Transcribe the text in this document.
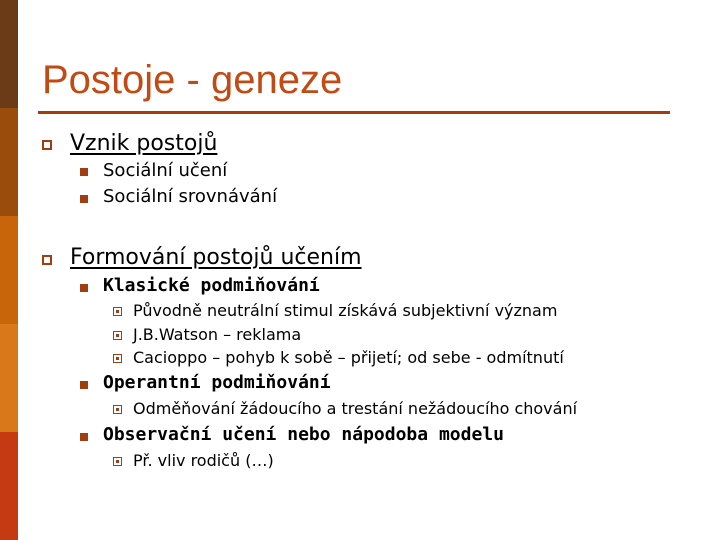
Postoje - geneze
Vznik postojů
Sociální učení
Sociální srovnávání
Formování postojů učením
Klasické podmiňování
Původně neutrální stimul získává subjektivní význam
J.B.Watson – reklama
Cacioppo – pohyb k sobě – přijetí; od sebe - odmítnutí
Operantní podmiňování
Odměňování žádoucího a trestání nežádoucího chování
Observační učení nebo nápodoba modelu
Př. vliv rodičů (…)
